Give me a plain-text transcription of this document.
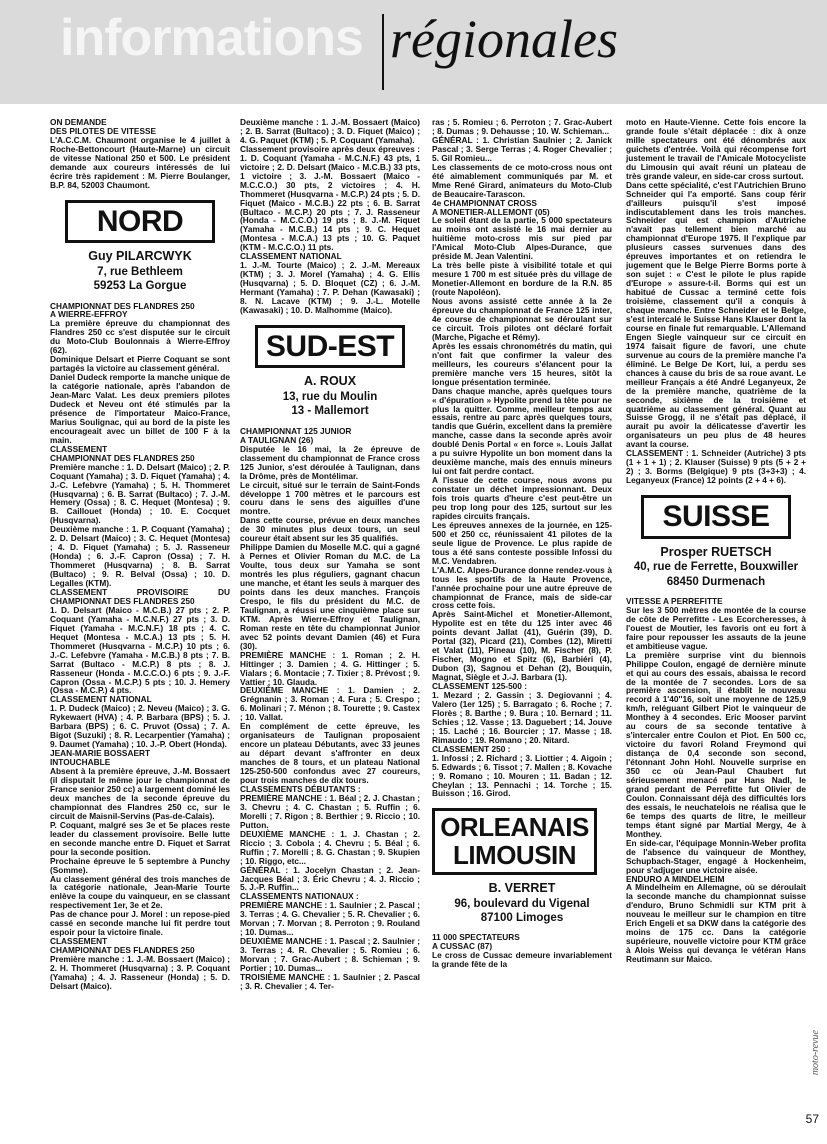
informations régionales

ON DEMANDE
DES PILOTES DE VITESSE
L'A.C.C.M. Chaumont organise le 4 juillet à Roche-Bettoncourt (Haute-Marne) un circuit de vitesse National 250 et 500. Le président demande aux coureurs intéressés de lui écrire très rapidement : M. Pierre Boulanger, B.P. 84, 52003 Chaumont.

NORD
Guy PILARCWYK
7, rue Bethleem
59253 La Gorgue

CHAMPIONNAT DES FLANDRES 250
A WIERRE-EFFROY
La première épreuve du championnat des Flandres 250 cc s'est disputée sur le circuit du Moto-Club Boulonnais à Wierre-Effroy (62).
Dominique Delsart et Pierre Coquant se sont partagés la victoire au classement général.
Daniel Dudeck remporte la manche unique de la catégorie nationale, après l'abandon de Jean-Marc Valat. Les deux premiers pilotes Dudeck et Neveu ont été stimulés par la présence de l'importateur Maico-France, Marius Soulignac, qui au bord de la piste les encourageait avec un billet de 100 F à la main.
CLASSEMENT
CHAMPIONNAT DES FLANDRES 250
Première manche : 1. D. Delsart (Maico) ; 2. P. Coquant (Yamaha) ; 3. D. Fiquet (Yamaha) ; 4. J.-C. Lefebvre (Yamaha) ; 5. H. Thommeret (Husqvarna) ; 6. B. Sarrat (Bultaco) ; 7. J.-M. Hemery (Ossa) ; 8. C. Hequet (Montesa) ; 9. B. Caillouet (Honda) ; 10. E. Cocquet (Husqvarna).
Deuxième manche : 1. P. Coquant (Yamaha) ; 2. D. Delsart (Maico) ; 3. C. Hequet (Montesa) ; 4. D. Fiquet (Yamaha) ; 5. J. Rasseneur (Honda) ; 6. J.-F. Capron (Ossa) ; 7. H. Thommeret (Husqvarna) ; 8. B. Sarrat (Bultaco) ; 9. R. Belval (Ossa) ; 10. D. Legalles (KTM).
CLASSEMENT PROVISOIRE DU CHAMPIONNAT DES FLANDRES 250
1. D. Delsart (Maico - M.C.B.) 27 pts ; 2. P. Coquant (Yamaha - M.C.N.F.) 27 pts ; 3. D. Fiquet (Yamaha - M.C.N.F.) 18 pts ; 4. C. Hequet (Montesa - M.C.A.) 13 pts ; 5. H. Thommeret (Husqvarna - M.C.P.) 10 pts ; 6. J.-C. Lefebvre (Yamaha - M.C.B.) 8 pts ; 7. B. Sarrat (Bultaco - M.C.P.) 8 pts ; 8. J. Rasseneur (Honda - M.C.C.O.) 6 pts ; 9. J.-F. Capron (Ossa - M.C.P.) 5 pts ; 10. J. Hemery (Ossa - M.C.P.) 4 pts.
CLASSEMENT NATIONAL
1. P. Dudeck (Maico) ; 2. Neveu (Maico) ; 3. G. Rykewaert (HVA) ; 4. P. Barbara (BPS) ; 5. J. Barbara (BPS) ; 6. C. Pruvot (Ossa) ; 7. A. Bigot (Suzuki) ; 8. R. Lecarpentier (Yamaha) ; 9. Daumet (Yamaha) ; 10. J.-P. Obert (Honda).
JEAN-MARIE BOSSAERT
INTOUCHABLE
Absent à la première épreuve, J.-M. Bossaert (il disputait le même jour le championnat de France senior 250 cc) a largement dominé les deux manches de la seconde épreuve du championnat des Flandres 250 cc, sur le circuit de Maisnil-Servins (Pas-de-Calais).
P. Coquant, malgré ses 3e et 5e places reste leader du classement provisoire. Belle lutte en seconde manche entre D. Fiquet et Sarrat pour la seconde position.
Prochaine épreuve le 5 septembre à Punchy (Somme).
Au classement général des trois manches de la catégorie nationale, Jean-Marie Tourte enlève la coupe du vainqueur, en se classant respectivement 1er, 3e et 2e.
Pas de chance pour J. Morel : un repose-pied cassé en seconde manche lui fit perdre tout espoir pour la victoire finale.
CLASSEMENT
CHAMPIONNAT DES FLANDRES 250
Première manche : 1. J.-M. Bossaert (Maico) ; 2. H. Thommeret (Husqvarna) ; 3. P. Coquant (Yamaha) ; 4. J. Rasseneur (Honda) ; 5. D. Delsart (Maico).

Deuxième manche : 1. J.-M. Bossaert (Maico) ; 2. B. Sarrat (Bultaco) ; 3. D. Fiquet (Maico) ; 4. G. Paquet (KTM) ; 5. P. Coquant (Yamaha).
Classement provisoire après deux épreuves : 1. D. Coquant (Yamaha - M.C.N.F.) 43 pts, 1 victoire ; 2. D. Delsart (Maico - M.C.B.) 33 pts, 1 victoire ; 3. J.-M. Bossaert (Maico - M.C.C.O.) 30 pts, 2 victoires ; 4. H. Thommeret (Husqvarna - M.C.P.) 24 pts ; 5. D. Fiquet (Maico - M.C.B.) 22 pts ; 6. B. Sarrat (Bultaco - M.C.P.) 20 pts ; 7. J. Rasseneur (Honda - M.C.C.O.) 19 pts ; 8. J.-M. Fiquet (Yamaha - M.C.B.) 14 pts ; 9. C. Hequet (Montesa - M.C.A.) 13 pts ; 10. G. Paquet (KTM - M.C.C.O.) 11 pts.
CLASSEMENT NATIONAL
1. J.-M. Tourte (Maico) ; 2. J.-M. Mereaux (KTM) ; 3. J. Morel (Yamaha) ; 4. G. Ellis (Husqvarna) ; 5. D. Bloquet (CZ) ; 6. J.-M. Hermant (Yamaha) ; 7. P. Dehan (Kawasaki) ; 8. N. Lacave (KTM) ; 9. J.-L. Motelle (Kawasaki) ; 10. D. Malhomme (Maico).

SUD-EST
A. ROUX
13, rue du Moulin
13 - Mallemort

CHAMPIONNAT 125 JUNIOR
A TAULIGNAN (26)
Disputée le 16 mai, la 2e épreuve de classement du championnat de France cross 125 Junior, s'est déroulée à Taulignan, dans la Drôme, près de Montélimar.
Le circuit, situé sur le terrain de Saint-Fonds développe 1 700 mètres et le parcours est couru dans le sens des aiguilles d'une montre.
Dans cette course, prévue en deux manches de 30 minutes plus deux tours, un seul coureur était absent sur les 35 qualifiés.
Philippe Damien du Moselle M.C. qui a gagné à Pernes et Olivier Roman du M.C. de La Voulte, tous deux sur Yamaha se sont montrés les plus réguliers, gagnant chacun une manche, et étant les seuls à marquer des points dans les deux manches. François Crespo, le fils du président du M.C. de Taulignan, a réussi une cinquième place sur KTM. Après Wierre-Effroy et Taulignan, Roman reste en tête du championnat Junior avec 52 points devant Damien (46) et Fura (30).
PREMIÈRE MANCHE : 1. Roman ; 2. H. Hittinger ; 3. Damien ; 4. G. Hittinger ; 5. Vialars ; 6. Montacie ; 7. Tixier ; 8. Prévost ; 9. Vattier ; 10. Glauda.
DEUXIÈME MANCHE : 1. Damien ; 2. Grégnanin ; 3. Roman ; 4. Fura ; 5. Crespo ; 6. Molinari ; 7. Ménon ; 8. Tourette ; 9. Castex ; 10. Vallat.
En complément de cette épreuve, les organisateurs de Taulignan proposaient encore un plateau Débutants, avec 33 jeunes au départ devant s'affronter en deux manches de 8 tours, et un plateau National 125-250-500 confondus avec 27 coureurs, pour trois manches de dix tours.
CLASSEMENTS DÉBUTANTS :
PREMIÈRE MANCHE : 1. Béal ; 2. J. Chastan ; 3. Chevru ; 4. C. Chastan ; 5. Ruffin ; 6. Morelli ; 7. Rigon ; 8. Berthier ; 9. Riccio ; 10. Putton.
DEUXIÈME MANCHE : 1. J. Chastan ; 2. Riccio ; 3. Cobola ; 4. Chevru ; 5. Béal ; 6. Ruffin ; 7. Morelli ; 8. G. Chastan ; 9. Skupien ; 10. Riggo, etc...
GÉNÉRAL : 1. Jocelyn Chastan ; 2. Jean-Jacques Béal ; 3. Éric Chevru ; 4. J. Riccio ; 5. J.-P. Ruffin...
CLASSEMENTS NATIONAUX :
PREMIÈRE MANCHE : 1. Saulnier ; 2. Pascal ; 3. Terras ; 4. G. Chevalier ; 5. R. Chevalier ; 6. Morvan ; 7. Morvan ; 8. Perroton ; 9. Rouland ; 10. Dumas...
DEUXIÈME MANCHE : 1. Pascal ; 2. Saulnier ; 3. Terras ; 4. R. Chevalier ; 5. Romieu ; 6. Morvan ; 7. Grac-Aubert ; 8. Schieman ; 9. Portier ; 10. Dumas...
TROISIÈME MANCHE : 1. Saulnier ; 2. Pascal ; 3. R. Chevalier ; 4. Ter-

ras ; 5. Romieu ; 6. Perroton ; 7. Grac-Aubert ; 8. Dumas ; 9. Dehausse ; 10. W. Schieman...
GÉNÉRAL : 1. Christian Saulnier ; 2. Janick Pascal ; 3. Serge Terras ; 4. Roger Chevalier ; 5. Gil Romieu...
Les classements de ce moto-cross nous ont été aimablement communiqués par M. et Mme René Girard, animateurs du Moto-Club de Beaucaire-Tarascon.
4e CHAMPIONNAT CROSS
A MONETIER-ALLEMONT (05)
Le soleil étant de la partie, 5 000 spectateurs au moins ont assisté le 16 mai dernier au huitième moto-cross mis sur pied par l'Amical Moto-Club Alpes-Durance, que préside M. Jean Valentini.
La très belle piste à visibilité totale et qui mesure 1 700 m est située près du village de Monetier-Allemont en bordure de la R.N. 85 (route Napoléon).
Nous avons assisté cette année à la 2e épreuve du championnat de France 125 inter, 4e course de championnat se déroulant sur ce circuit. Trois pilotes ont déclaré forfait (Marche, Pigache et Rémy).
Après les essais chronométrés du matin, qui n'ont fait que confirmer la valeur des meilleurs, les coureurs s'élancent pour la première manche vers 15 heures, sitôt la longue présentation terminée.
Dans chaque manche, après quelques tours « d'épuration » Hypolite prend la tête pour ne plus la quitter. Comme, meilleur temps aux essais, rentre au parc après quelques tours, tandis que Guérin, excellent dans la première manche, casse dans la seconde après avoir doublé Denis Portal « en force ». Louis Jallat a pu suivre Hypolite un bon moment dans la deuxième manche, mais des ennuis mineurs lui ont fait perdre contact.
A l'issue de cette course, nous avons pu constater un déchet impressionnant. Deux fois trois quarts d'heure c'est peut-être un peu trop long pour des 125, surtout sur les rapides circuits français.
Les épreuves annexes de la journée, en 125-500 et 250 cc, réunissaient 41 pilotes de la seule ligue de Provence. Le plus rapide de tous a été sans conteste possible Infossi du M.C. Vendabren.
L'A.M.C. Alpes-Durance donne rendez-vous à tous les sportifs de la Haute Provence, l'année prochaine pour une autre épreuve de championnat de France, mais de side-car cross cette fois.
Après Saint-Michel et Monetier-Allemont, Hypolite est en tête du 125 inter avec 46 points devant Jallat (41), Guérin (39), D. Portal (32), Picard (21), Combes (12), Miretti et Valat (11), Pineau (10), M. Fischer (8), P. Fischer, Mogno et Spitz (6), Barbiéri (4), Dubon (3), Sagnou et Dehan (2), Bouquin, Magnat, Siègle et J.-J. Barbara (1).
CLASSEMENT 125-500 :
1. Mezard ; 2. Gassin ; 3. Degiovanni ; 4. Valero (1er 125) ; 5. Barragato ; 6. Roche ; 7. Florès ; 8. Barthe ; 9. Bura ; 10. Bernard ; 11. Schies ; 12. Vasse ; 13. Daguebert ; 14. Jouve ; 15. Laché ; 16. Bourcier ; 17. Masse ; 18. Rimaudo ; 19. Romano ; 20. Nitard.
CLASSEMENT 250 :
1. Infossi ; 2. Richard ; 3. Liottier ; 4. Aigoin ; 5. Edwards ; 6. Tissot ; 7. Mallen ; 8. Kovache ; 9. Romano ; 10. Mouren ; 11. Badan ; 12. Cheylan ; 13. Pennachi ; 14. Torche ; 15. Buisson ; 16. Girod.

ORLEANAIS LIMOUSIN
B. VERRET
96, boulevard du Vigenal
87100 Limoges

11 000 SPECTATEURS
A CUSSAC (87)
Le cross de Cussac demeure invariablement la grande fête de la

moto en Haute-Vienne. Cette fois encore la grande foule s'était déplacée : dix à onze mille spectateurs ont été dénombrés aux guichets d'entrée. Voilà qui récompense fort justement le travail de l'Amicale Motocycliste du Limousin qui avait réuni un plateau de très grande valeur, en side-car cross surtout.
Dans cette spécialité, c'est l'Autrichien Bruno Schneider qui l'a emporté. Sans coup férir d'ailleurs puisqu'il s'est imposé indiscutablement dans les trois manches. Schneider qui est champion d'Autriche n'avait pas tellement bien marché au championnat d'Europe 1975. Il l'explique par plusieurs casses survenues dans des épreuves importantes et on retiendra le jugement que le Belge Pierre Borms porte à son sujet : « C'est le pilote le plus rapide d'Europe » assure-t-il. Borms qui est un habitué de Cussac a terminé cette fois troisième, classement qu'il a conquis à chaque manche. Entre Schneider et le Belge, s'est intercalé le Suisse Hans Klauser dont la course en finale fut remarquable. L'Allemand Engen Siegle vainqueur sur ce circuit en 1974 faisait figure de favori, une chute survenue au cours de la première manche l'a éliminé. Le Belge De Kort, lui, a perdu ses chances à cause du bris de sa roue avant. Le meilleur Français a été André Leganyeux, 2e de la première manche, quatrième de la seconde, sixième de la troisième et quatrième au classement général. Quant au Suisse Grogg, il ne s'était pas déplacé, il aurait pu avoir la délicatesse d'avertir les organisateurs un peu plus de 48 heures avant la course.
CLASSEMENT : 1. Schneider (Autriche) 3 pts (1 + 1 + 1) ; 2. Klauser (Suisse) 9 pts (5 + 2 + 2) ; 3. Borms (Belgique) 9 pts (3+3+3) ; 4. Leganyeux (France) 12 points (2 + 4 + 6).

SUISSE
Prosper RUETSCH
40, rue de Ferrette, Bouxwiller
68450 Durmenach

VITESSE A PERREFITTE
Sur les 3 500 mètres de montée de la course de côte de Perrefitte - Les Ecorcheresses, à l'ouest de Moutier, les favoris ont eu fort à faire pour repousser les assauts de la jeune et ambitieuse vague.
La première surprise vint du biennois Philippe Coulon, engagé de dernière minute et qui au cours des essais, abaissa le record de la montée de 7 secondes. Lors de sa première ascension, il établit le nouveau record à 1'40''16, soit une moyenne de 125,9 km/h, reléguant Gilbert Piot le vainqueur de Monthey à 4 secondes. Eric Mooser parvint au cours de sa seconde tentative à s'intercaler entre Coulon et Piot. En 500 cc, victoire du favori Roland Freymond qui distança de 0,4 seconde son second, l'étonnant John Hohl. Nouvelle surprise en 350 cc où Jean-Paul Chaubert fut sérieusement menacé par Hans Nadl, le grand perdant de Perrefitte fut Olivier de Coulon. Connaissant déjà des difficultés lors des essais, le neuchatelois ne réalisa que le 6e temps des quarts de litre, le meilleur temps étant signé par Martial Mergy, 4e à Monthey.
En side-car, l'équipage Monnin-Weber profita de l'absence du vainqueur de Monthey, Schupbach-Stager, engagé à Hockenheim, pour s'adjuger une victoire aisée.
ENDURO A MINDELHEIM
A Mindelheim en Allemagne, où se déroulait la seconde manche du championnat suisse d'enduro, Bruno Schmidli sur KTM prit à nouveau le meilleur sur le champion en titre Erich Engeli et sa DKW dans la catégorie des moins de 175 cc. Dans la catégorie supérieure, nouvelle victoire pour KTM grâce à Alois Weiss qui devança le vétéran Hans Reutimann sur Maico.

moto-revue
57
